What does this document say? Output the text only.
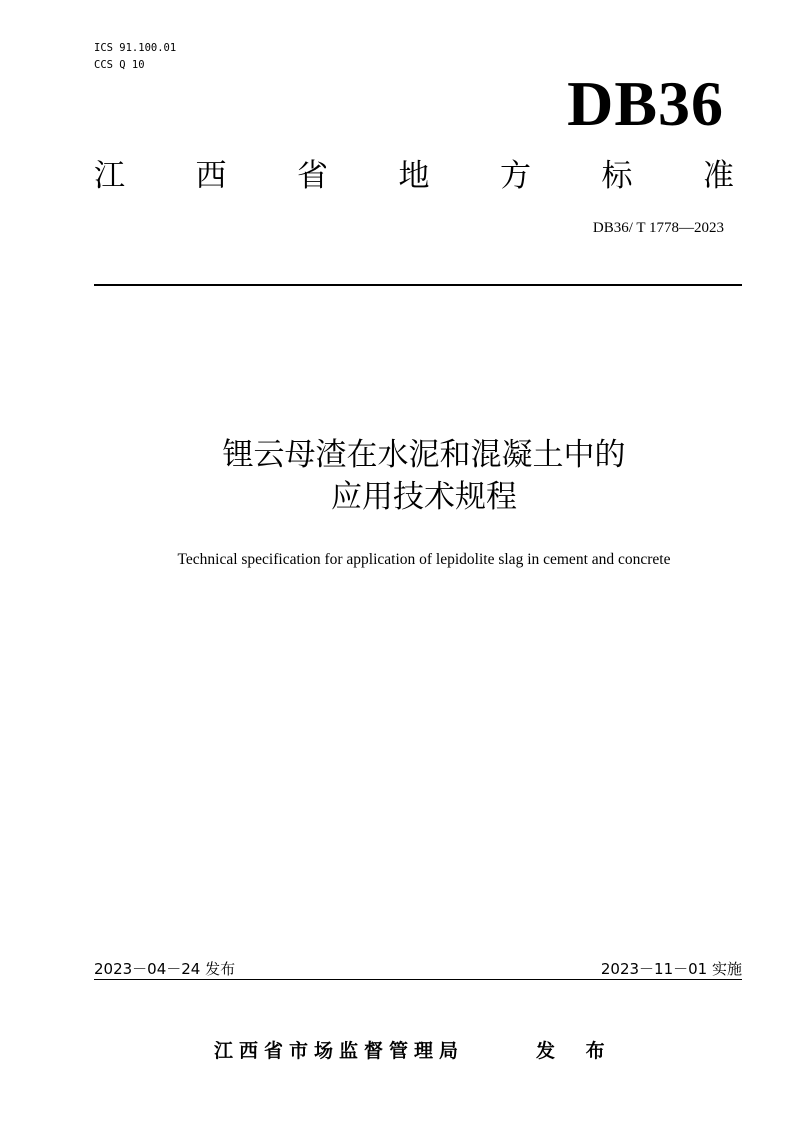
ICS 91.100.01
CCS Q 10
DB36
江 西 省 地 方 标 准
DB36/ T 1778—2023
锂云母渣在水泥和混凝土中的
应用技术规程
Technical specification for application of lepidolite slag in cement and concrete
2023－04－24 发布	2023－11－01 实施
江西省市场监督管理局	发 布
